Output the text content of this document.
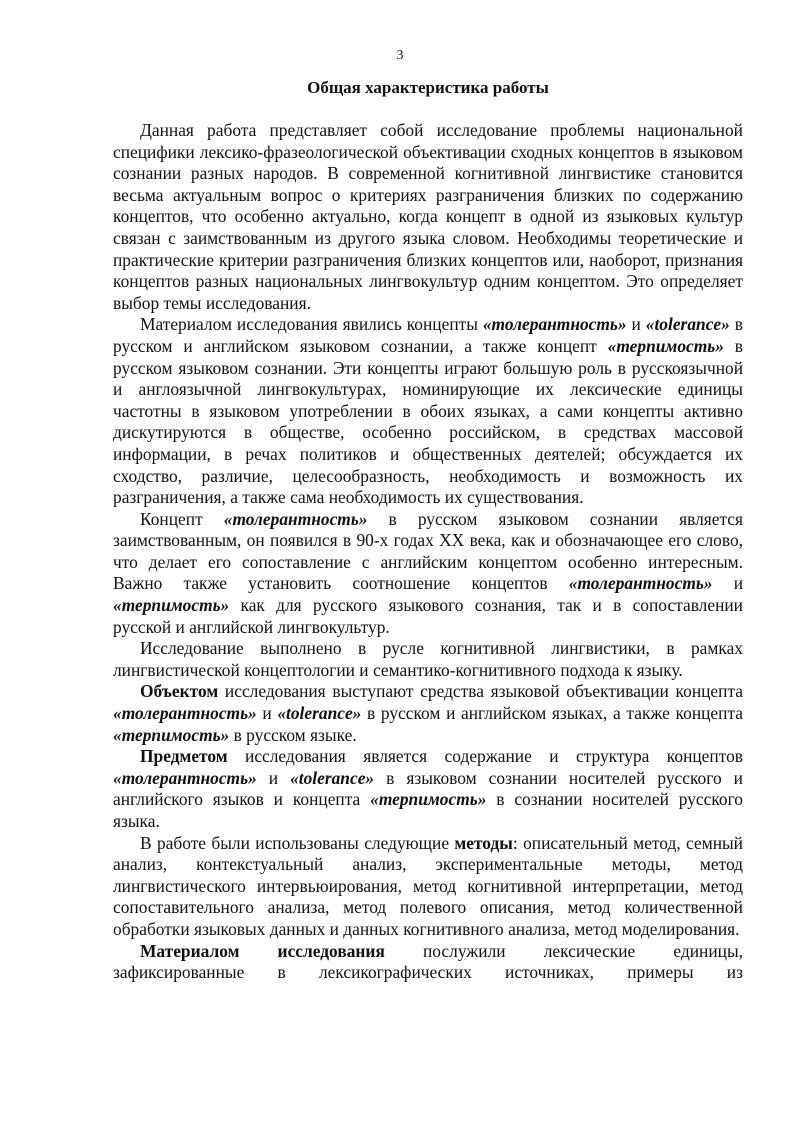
3
Общая характеристика работы

Данная работа представляет собой исследование проблемы национальной специфики лексико-фразеологической объективации сходных концептов в языковом сознании разных народов. В современной когнитивной лингвистике становится весьма актуальным вопрос о критериях разграничения близких по содержанию концептов, что особенно актуально, когда концепт в одной из языковых культур связан с заимствованным из другого языка словом. Необходимы теоретические и практические критерии разграничения близких концептов или, наоборот, признания концептов разных национальных лингвокультур одним концептом. Это определяет выбор темы исследования.

Материалом исследования явились концепты «толерантность» и «tolerance» в русском и английском языковом сознании, а также концепт «терпимость» в русском языковом сознании. Эти концепты играют большую роль в русскоязычной и англоязычной лингвокультурах, номинирующие их лексические единицы частотны в языковом употреблении в обоих языках, а сами концепты активно дискутируются в обществе, особенно российском, в средствах массовой информации, в речах политиков и общественных деятелей; обсуждается их сходство, различие, целесообразность, необходимость и возможность их разграничения, а также сама необходимость их существования.

Концепт «толерантность» в русском языковом сознании является заимствованным, он появился в 90-х годах XX века, как и обозначающее его слово, что делает его сопоставление с английским концептом особенно интересным. Важно также установить соотношение концептов «толерантность» и «терпимость» как для русского языкового сознания, так и в сопоставлении русской и английской лингвокультур.

Исследование выполнено в русле когнитивной лингвистики, в рамках лингвистической концептологии и семантико-когнитивного подхода к языку.

Объектом исследования выступают средства языковой объективации концепта «толерантность» и «tolerance» в русском и английском языках, а также концепта «терпимость» в русском языке.

Предметом исследования является содержание и структура концептов «толерантность» и «tolerance» в языковом сознании носителей русского и английского языков и концепта «терпимость» в сознании носителей русского языка.

В работе были использованы следующие методы: описательный метод, семный анализ, контекстуальный анализ, экспериментальные методы, метод лингвистического интервьюирования, метод когнитивной интерпретации, метод сопоставительного анализа, метод полевого описания, метод количественной обработки языковых данных и данных когнитивного анализа, метод моделирования.

Материалом исследования послужили лексические единицы, зафиксированные в лексикографических источниках, примеры из
